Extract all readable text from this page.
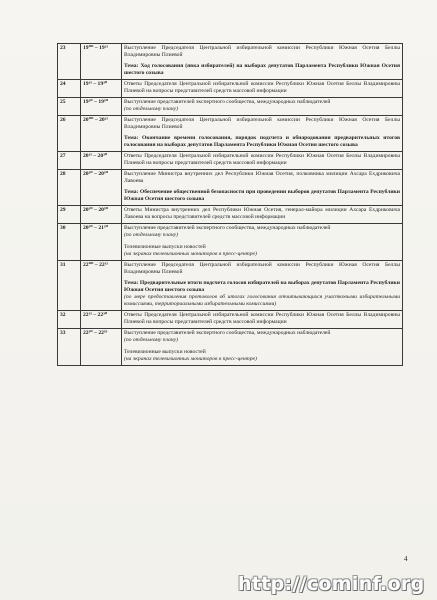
23	19⁰⁰ – 19¹⁵	Выступление Председателя Центральной избирательной комиссии Республики Южная Осетия Беллы Владимировны Плиевой
Тема: Ход голосования (явка избирателей) на выборах депутатов Парламента Республики Южная Осетия шестого созыва

24	19¹⁵ – 19³⁰	Ответы Председателя Центральной избирательной комиссии Республики Южная Осетия Беллы Владимировны Плиевой на вопросы представителей средств массовой информации

25	19³⁰ – 19⁵⁰	Выступление представителей экспертного сообщества, международных наблюдателей
(по отдельному плану)

26	20⁰⁰ – 20¹⁵	Выступление Председателя Центральной избирательной комиссии Республики Южная Осетия Беллы Владимировны Плиевой
Тема: Окончание времени голосования, порядок подсчета и обнародования предварительных итогов голосования на выборах депутатов Парламента Республики Южная Осетия шестого созыва

27	20¹⁵ – 20³⁰	Ответы Председателя Центральной избирательной комиссии Республики Южная Осетия Беллы Владимировны Плиевой на вопросы представителей средств массовой информации

28	20³⁰ – 20⁵⁰	Выступление Министра внутренних дел Республики Южная Осетия, полковника милиции Ахсара Ехдриковича Лавоева
Тема: Обеспечение общественной безопасности при проведении выборов депутатов Парламента Республики Южная Осетия шестого созыва

29	20⁵⁰ – 20⁵⁰	Ответы Министра внутренних дел Республики Южная Осетия, генерал-майора милиции Ахсара Ехдриковича Лавоева на вопросы представителей средств массовой информации

30	20⁵⁰ – 21⁵⁰	Выступление представителей экспертного сообщества, международных наблюдателей
(по отдельному плану)
Телевизионные выпуски новостей
(на экранах телевизионных мониторов в пресс-центре)

31	22⁰⁰ – 22¹⁵	Выступление Председателя Центральной избирательной комиссии Республики Южная Осетия Беллы Владимировны Плиевой
Тема: Предварительные итоги подсчета голосов избирателей на выборах депутатов Парламента Республики Южная Осетия шестого созыва
(по мере предоставления протоколов об итогах голосования отчитывающихся участковыми избирательными комиссиями, территориальными избирательными комиссиями)

32	22¹⁵ – 22³⁰	Ответы Председателя Центральной избирательной комиссии Республики Южная Осетия Беллы Владимировны Плиевой на вопросы представителей средств массовой информации

33	22³⁰ – 22⁵⁵	Выступление представителей экспертного сообщества, международных наблюдателей
(по отдельному плану)
Телевизионные выпуски новостей
(на экранах телевизионных мониторов в пресс-центре)
4
http://cominf.org
